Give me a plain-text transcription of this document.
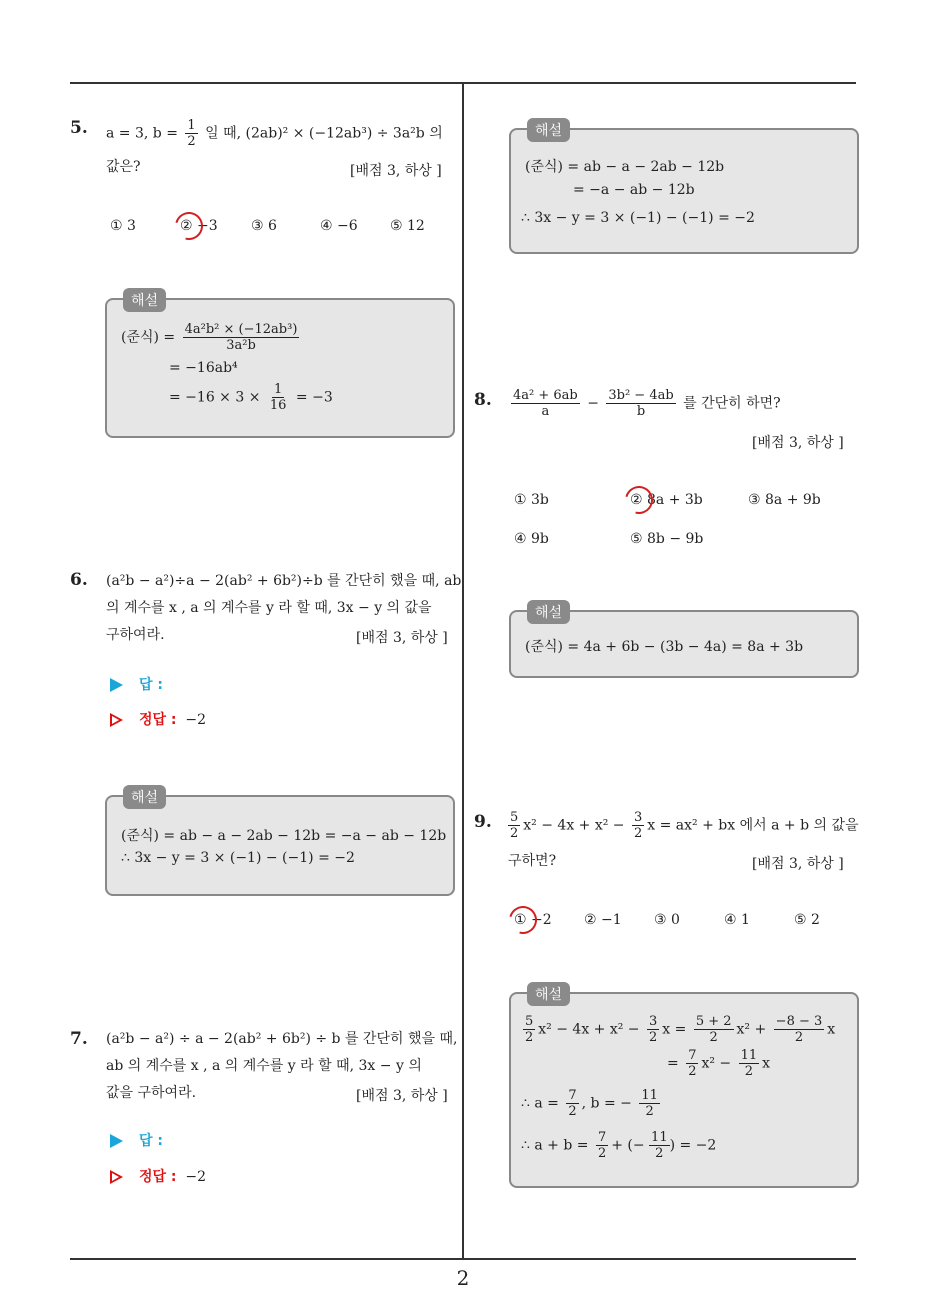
2
5. a = 3, $b = \frac{1}{2}$ 일 때, (2ab)² × (−12ab³) ÷ 3a²b 의
값은?	[배점 3, 하상 ]
① 3	② −3 ③ 6	④ −6 ⑤ 12
해설
(준식) = $\frac{\text{4a²b² × (−12ab³)}}{\text{3a²b}}$
= −16ab⁴
= $-16 \times 3 \times \frac{1}{16} = -3$
6. (a²b − a²)÷a − 2(ab² + 6b²)÷b 를 간단히 했을 때, ab
의 계수를 x , a 의 계수를 y 라 할 때, 3x − y 의 값을
구하여라.	[배점 3, 하상 ]
답 :
정답 : −2
해설
(준식) = ab − a − 2ab − 12b = −a − ab − 12b
∴ 3x − y = 3 × (−1) − (−1) = −2
7. (a²b − a²) ÷ a − 2(ab² + 6b²) ÷ b 를 간단히 했을 때,
ab 의 계수를 x , a 의 계수를 y 라 할 때, 3x − y 의
값을 구하여라.	[배점 3, 하상 ]
답 :
정답 : −2
해설
(준식) = ab − a − 2ab − 12b
= −a − ab − 12b
∴ 3x − y = 3 × (−1) − (−1) = −2
8. $\frac{\text{4a² + 6ab}}{a} - \frac{\text{3b² − 4ab}}{b}$ 를 간단히 하면?
[배점 3, 하상 ]
① 3b	② 8a + 3b	③ 8a + 9b
④ 9b	⑤ 8b − 9b
해설
(준식) = 4a + 6b − (3b − 4a) = 8a + 3b
9. $\frac{5}{2} x^2 - 4x + x^2 - \frac{3}{2}$ x = ax² + bx 에서 a + b 의 값을
구하면?	[배점 3, 하상 ]
① −2 ② −1 ③ 0	④ 1	⑤ 2
해설
$\frac{5}{2} x^2 - 4x + x^2 - \frac{3}{2}$ $x = \frac{5 + 2}{2} x^2 + \frac{-8 - 3}{2}$ x
= $\frac{7}{2} x^2 - \frac{11}{2}$ x
∴ $a = \frac{7}{2}$ , b = − $\frac{11}{2}$
∴ $a + b = \frac{7}{2}$ + (− $\frac{11}{2}$ ) = −2
